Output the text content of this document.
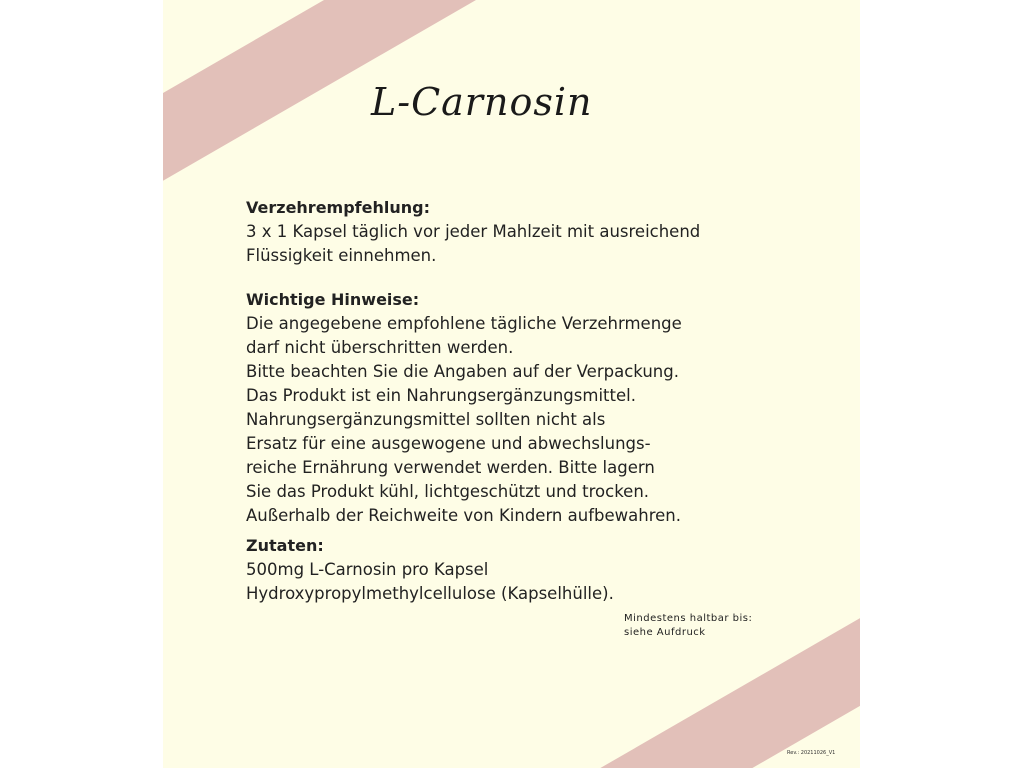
L-Carnosin

Verzehrempfehlung:

3 x 1 Kapsel täglich vor jeder Mahlzeit mit ausreichend
Flüssigkeit einnehmen.

Wichtige Hinweise:

Die angegebene empfohlene tägliche Verzehrmenge
darf nicht überschritten werden.
Bitte beachten Sie die Angaben auf der Verpackung.
Das Produkt ist ein Nahrungsergänzungsmittel.
Nahrungsergänzungsmittel sollten nicht als
Ersatz für eine ausgewogene und abwechslungs-
reiche Ernährung verwendet werden. Bitte lagern
Sie das Produkt kühl, lichtgeschützt und trocken.
Außerhalb der Reichweite von Kindern aufbewahren.

Zutaten:

500mg L-Carnosin pro Kapsel
Hydroxypropylmethylcellulose (Kapselhülle).

Mindestens haltbar bis:
siehe Aufdruck
Rev.: 20211026_V1
